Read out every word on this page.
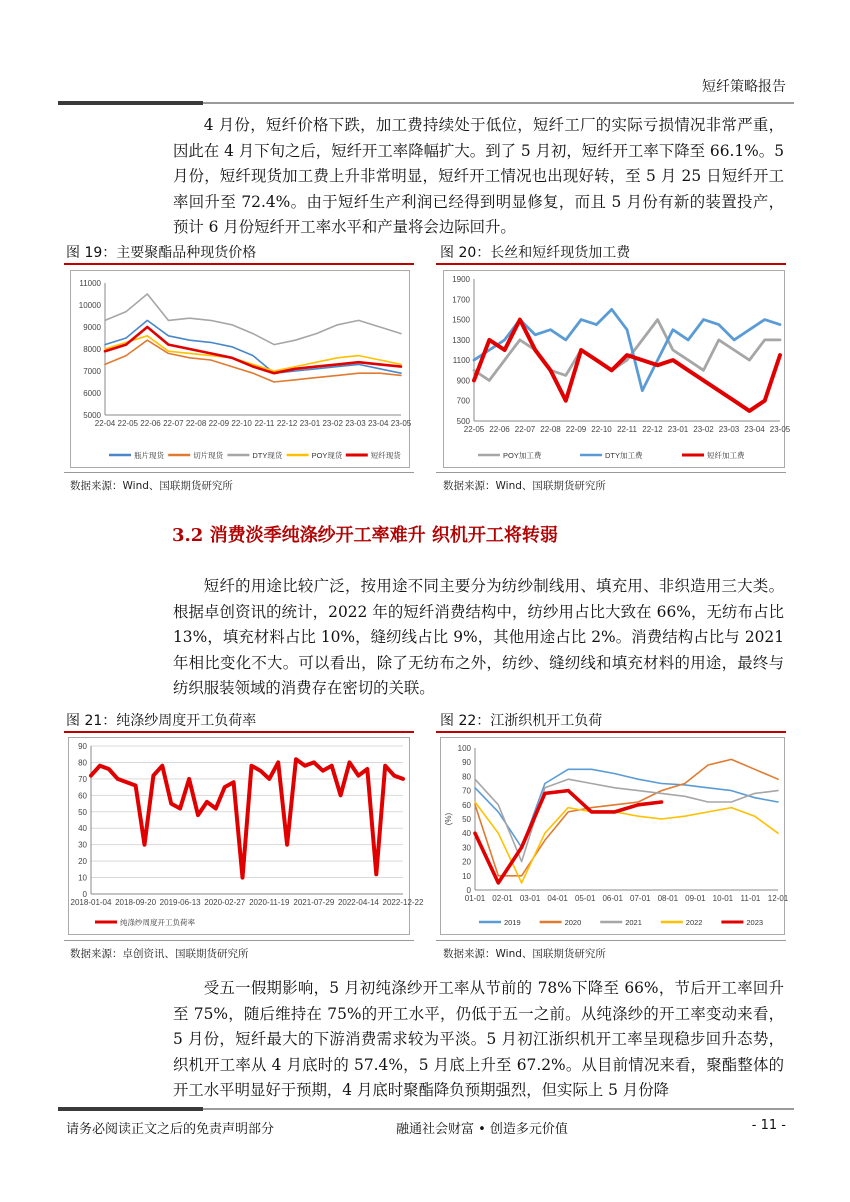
短纤策略报告

4 月份，短纤价格下跌，加工费持续处于低位，短纤工厂的实际亏损情况非常严重，因此在 4 月下旬之后，短纤开工率降幅扩大。到了 5 月初，短纤开工率下降至 66.1%。5 月份，短纤现货加工费上升非常明显，短纤开工情况也出现好转，至 5 月 25 日短纤开工率回升至 72.4%。由于短纤生产利润已经得到明显修复，而且 5 月份有新的装置投产，预计 6 月份短纤开工率水平和产量将会边际回升。

图 19：主要聚酯品种现货价格
5000
6000
7000
8000
9000
10000
11000
22-04 22-05 22-06 22-07 22-08 22-09 22-10 22-11 22-12 23-01 23-02 23-03 23-04 23-05
瓶片现货	切片现货	DTY现货	POY现货	短纤现货
数据来源：Wind、国联期货研究所
图 20：长丝和短纤现货加工费
500
700
900
1100
1300
1500
1700
1900
22-05 22-06 22-07 22-08 22-09 22-10 22-11 22-12 23-01 23-02 23-03 23-04 23-05
POY加工费	DTY加工费	短纤加工费
数据来源：Wind、国联期货研究所
3.2 消费淡季纯涤纱开工率难升 织机开工将转弱

短纤的用途比较广泛，按用途不同主要分为纺纱制线用、填充用、非织造用三大类。根据卓创资讯的统计，2022 年的短纤消费结构中，纺纱用占比大致在 66%，无纺布占比 13%，填充材料占比 10%，缝纫线占比 9%，其他用途占比 2%。消费结构占比与 2021 年相比变化不大。可以看出，除了无纺布之外，纺纱、缝纫线和填充材料的用途，最终与纺织服装领域的消费存在密切的关联。

图 21：纯涤纱周度开工负荷率
0
10
20
30
40
50
60
70
80
90
2018-01-04 2018-09-20 2019-06-13 2020-02-27 2020-11-19 2021-07-29 2022-04-14 2022-12-22
纯涤纱周度开工负荷率
数据来源：卓创资讯、国联期货研究所
图 22：江浙织机开工负荷
0
10
20
30
40
50
60
70
80
90
100
01-01 02-01 03-01 04-01 05-01 06-01 07-01 08-01 09-01 10-01 11-01 12-01
(%)
2019	2020	2021	2022	2023
数据来源：Wind、国联期货研究所

受五一假期影响，5 月初纯涤纱开工率从节前的 78%下降至 66%，节后开工率回升至 75%，随后维持在 75%的开工水平，仍低于五一之前。从纯涤纱的开工率变动来看，5 月份，短纤最大的下游消费需求较为平淡。5 月初江浙织机开工率呈现稳步回升态势，织机开工率从 4 月底时的 57.4%，5 月底上升至 67.2%。从目前情况来看，聚酯整体的开工水平明显好于预期，4 月底时聚酯降负预期强烈，但实际上 5 月份降

请务必阅读正文之后的免责声明部分	融通社会财富 • 创造多元价值	- 11 -
